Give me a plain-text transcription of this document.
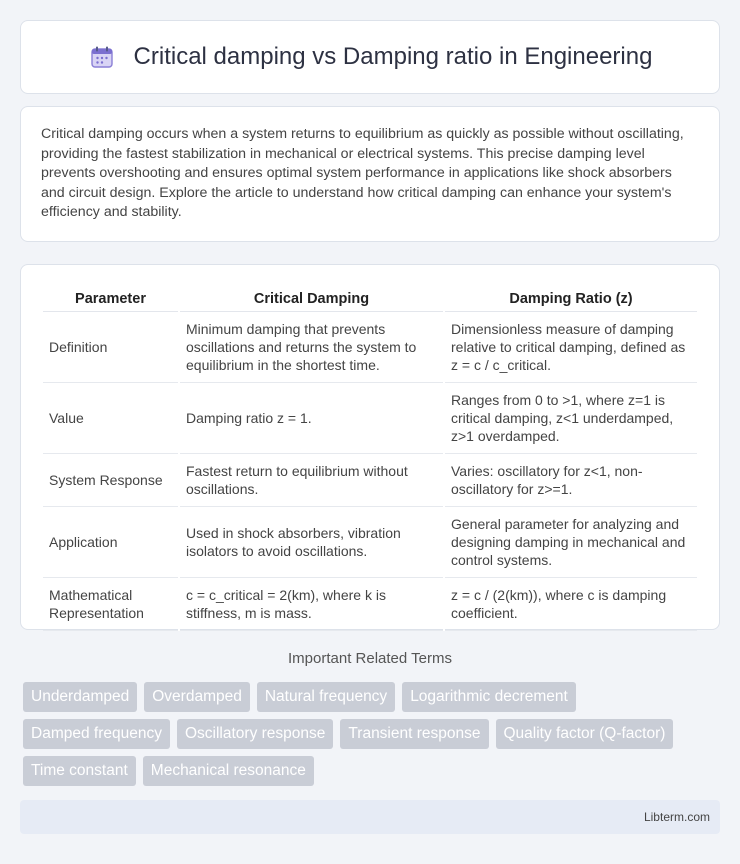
Critical damping vs Damping ratio in Engineering

Critical damping occurs when a system returns to equilibrium as quickly as possible without oscillating, providing the fastest stabilization in mechanical or electrical systems. This precise damping level prevents overshooting and ensures optimal system performance in applications like shock absorbers and circuit design. Explore the article to understand how critical damping can enhance your system's efficiency and stability.

Parameter	Critical Damping	Damping Ratio (z)
Definition	Minimum damping that prevents oscillations and returns the system to equilibrium in the shortest time.	Dimensionless measure of damping relative to critical damping, defined as z = c / c_critical.
Value	Damping ratio z = 1.	Ranges from 0 to >1, where z=1 is critical damping, z<1 underdamped, z>1 overdamped.
System Response	Fastest return to equilibrium without oscillations.	Varies: oscillatory for z<1, non-oscillatory for z>=1.
Application	Used in shock absorbers, vibration isolators to avoid oscillations.	General parameter for analyzing and designing damping in mechanical and control systems.
Mathematical Representation	c = c_critical = 2(km), where k is stiffness, m is mass.	z = c / (2(km)), where c is damping coefficient.
Important Related Terms
Underdamped	Overdamped	Natural frequency	Logarithmic decrement
Damped frequency	Oscillatory response	Transient response	Quality factor (Q-factor)
Time constant	Mechanical resonance
Libterm.com
